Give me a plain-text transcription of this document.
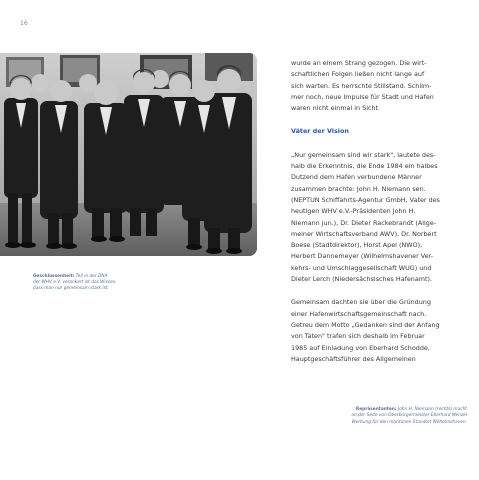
16
Geschlossenheit: Teil in der DNA
der WHV e.V. verankert ist das Wissen,
dass man nur gemeinsam stark ist.

wurde an einem Strang gezogen. Die wirt-
schaftlichen Folgen ließen nicht lange auf
sich warten. Es herrschte Stillstand. Schlim-
mer noch, neue Impulse für Stadt und Hafen
waren nicht einmal in Sicht.

Väter der Vision

„Nur gemeinsam sind wir stark", lautete des-
halb die Erkenntnis, die Ende 1984 ein halbes
Dutzend dem Hafen verbundene Männer
zusammen brachte: John H. Niemann sen.
(NEPTUN Schiffahrts-Agentur GmbH, Vater des
heutigen WHV e.V.-Präsidenten John H.
Niemann jun.), Dr. Dieter Rackebrandt (Allge-
meiner Wirtschaftsverband AWV), Dr. Norbert
Boese (Stadtdirektor), Horst Apel (NWO),
Herbert Dannemeyer (Wilhelmshavener Ver-
kehrs- und Umschlaggesellschaft WUG) und
Dieter Lerch (Niedersächsisches Hafenamt).

Gemeinsam dachten sie über die Gründung
einer Hafenwirtschaftsgemeinschaft nach.
Getreu dem Motto „Gedanken sind der Anfang
von Taten" trafen sich deshalb im Februar
1985 auf Einladung von Eberhard Schodde,
Hauptgeschäftsführer des Allgemeinen

Repräsentanten: John H. Niemann (rechts) macht
an der Seite von Oberbürgermeister Eberhard Menzel
Werbung für den maritimen Standort Wilhelmshaven.
